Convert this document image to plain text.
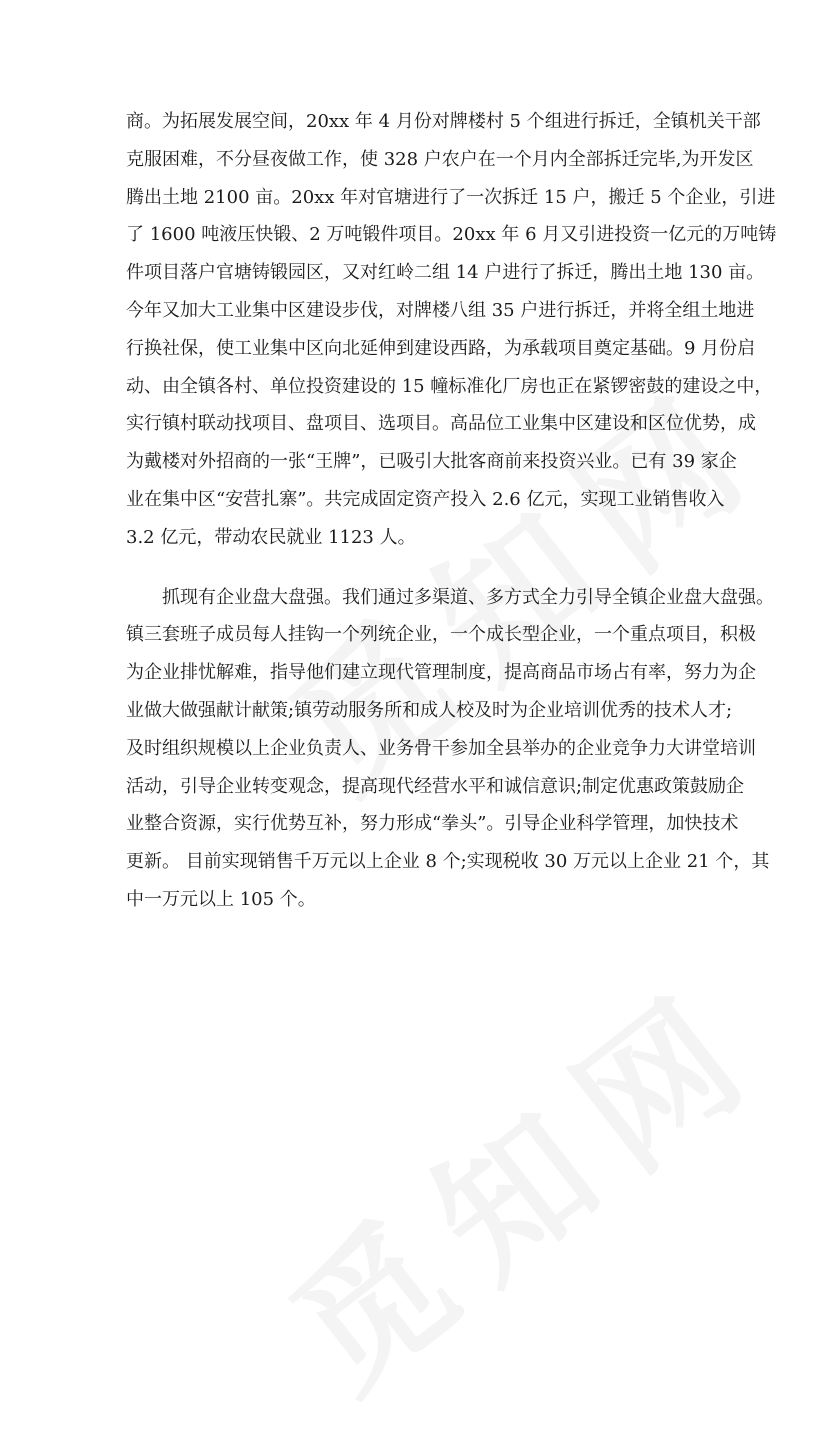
商。为拓展发展空间，20xx 年 4 月份对牌楼村 5 个组进行拆迁，全镇机关干部
克服困难，不分昼夜做工作，使 328 户农户在一个月内全部拆迁完毕,为开发区
腾出土地 2100 亩。20xx 年对官塘进行了一次拆迁 15 户，搬迁 5 个企业，引进
了 1600 吨液压快锻、2 万吨锻件项目。20xx 年 6 月又引进投资一亿元的万吨铸
件项目落户官塘铸锻园区，又对红岭二组 14 户进行了拆迁，腾出土地 130 亩。
今年又加大工业集中区建设步伐，对牌楼八组 35 户进行拆迁，并将全组土地进
行换社保，使工业集中区向北延伸到建设西路，为承载项目奠定基础。9 月份启
动、由全镇各村、单位投资建设的 15 幢标准化厂房也正在紧锣密鼓的建设之中，
实行镇村联动找项目、盘项目、选项目。高品位工业集中区建设和区位优势，成
为戴楼对外招商的一张“王牌”，已吸引大批客商前来投资兴业。已有 39 家企
业在集中区“安营扎寨”。共完成固定资产投入 2.6 亿元，实现工业销售收入
3.2 亿元，带动农民就业 1123 人。
　　抓现有企业盘大盘强。我们通过多渠道、多方式全力引导全镇企业盘大盘强。
镇三套班子成员每人挂钩一个列统企业，一个成长型企业，一个重点项目，积极
为企业排忧解难，指导他们建立现代管理制度，提高商品市场占有率，努力为企
业做大做强献计献策;镇劳动服务所和成人校及时为企业培训优秀的技术人才;
及时组织规模以上企业负责人、业务骨干参加全县举办的企业竞争力大讲堂培训
活动，引导企业转变观念，提高现代经营水平和诚信意识;制定优惠政策鼓励企
业整合资源，实行优势互补，努力形成“拳头”。引导企业科学管理，加快技术
更新。 目前实现销售千万元以上企业 8 个;实现税收 30 万元以上企业 21 个，其
中一万元以上 105 个。
